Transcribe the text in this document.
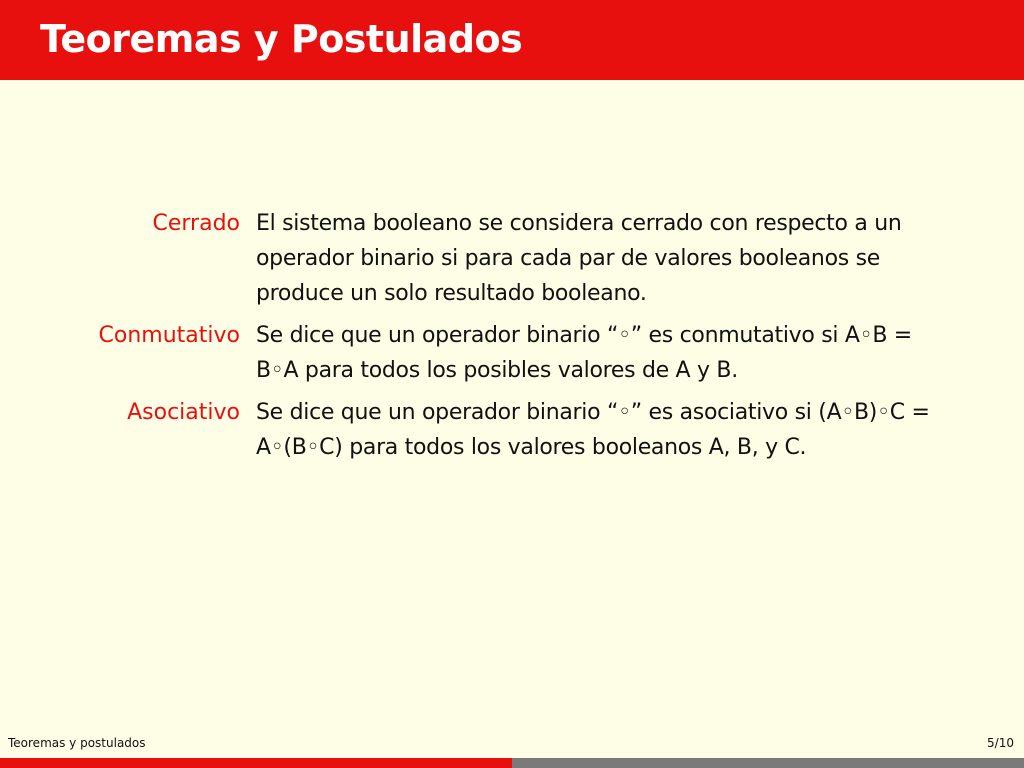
Teoremas y Postulados
Cerrado El sistema booleano se considera cerrado con respecto a un operador binario si para cada par de valores booleanos se produce un solo resultado booleano.
Conmutativo Se dice que un operador binario “◦” es conmutativo si A◦B = B◦A para todos los posibles valores de A y B.
Asociativo Se dice que un operador binario “◦” es asociativo si (A◦B)◦C = A◦(B◦C) para todos los valores booleanos A, B, y C.
Teoremas y postulados	5/10
